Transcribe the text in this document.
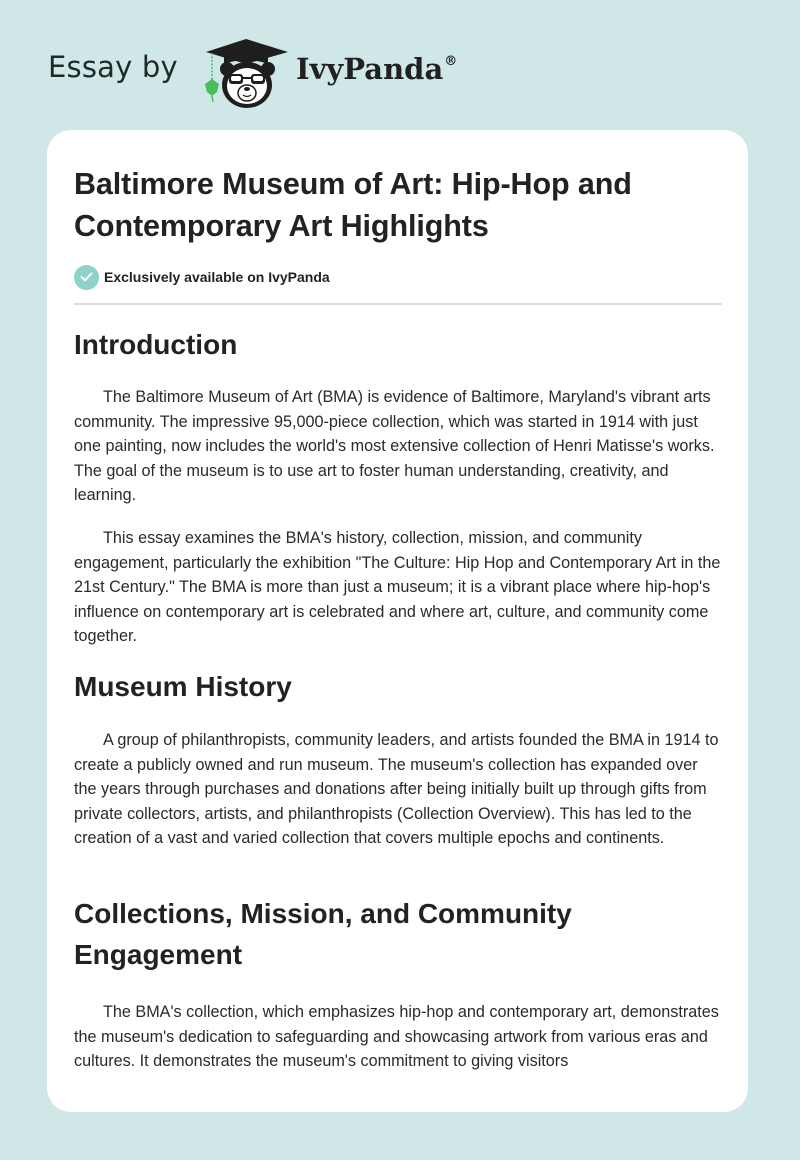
Essay by	IvyPanda®
Baltimore Museum of Art: Hip-Hop and Contemporary Art Highlights
Exclusively available on IvyPanda
Introduction

The Baltimore Museum of Art (BMA) is evidence of Baltimore, Maryland's vibrant arts community. The impressive 95,000-piece collection, which was started in 1914 with just one painting, now includes the world's most extensive collection of Henri Matisse's works. The goal of the museum is to use art to foster human understanding, creativity, and learning.

This essay examines the BMA's history, collection, mission, and community engagement, particularly the exhibition "The Culture: Hip Hop and Contemporary Art in the 21st Century." The BMA is more than just a museum; it is a vibrant place where hip-hop's influence on contemporary art is celebrated and where art, culture, and community come together.

Museum History

A group of philanthropists, community leaders, and artists founded the BMA in 1914 to create a publicly owned and run museum. The museum's collection has expanded over the years through purchases and donations after being initially built up through gifts from private collectors, artists, and philanthropists (Collection Overview). This has led to the creation of a vast and varied collection that covers multiple epochs and continents.

Collections, Mission, and Community Engagement

The BMA's collection, which emphasizes hip-hop and contemporary art, demonstrates the museum's dedication to safeguarding and showcasing artwork from various eras and cultures. It demonstrates the museum's commitment to giving visitors
